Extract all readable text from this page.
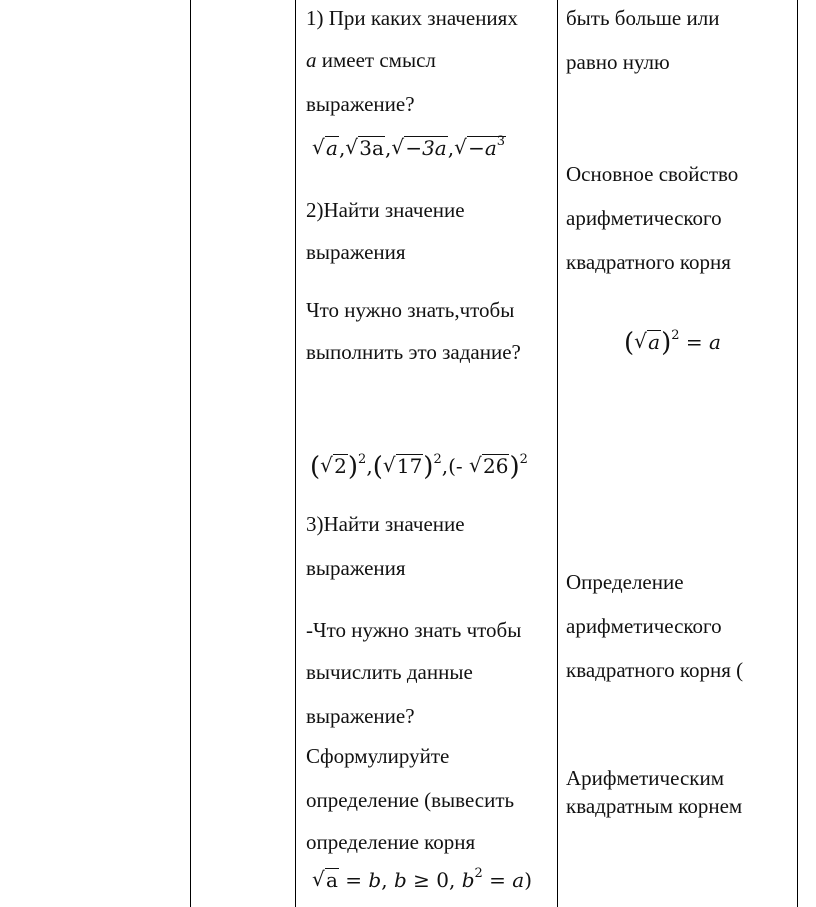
1) При каких значениях
a имеет смысл
выражение?
√ a, √ 3a, √ −3a, √ $-a^3$
2)Найти значение
выражения
Что нужно знать,чтобы
выполнить это задание?
( √ 2)$^2$,( √ 17)$^2$,(- √ 26)$^2$
3)Найти значение
выражения
-Что нужно знать чтобы
вычислить данные
выражение?
Сформулируйте
определение (вывесить
определение корня
√ a = b, b ≥ 0, $b^2 = a$)
быть больше или
равно нулю
Основное свойство
арифметического
квадратного корня
( √ a)$^2$ = a
Определение
арифметического
квадратного корня (
Арифметическим
квадратным корнем
